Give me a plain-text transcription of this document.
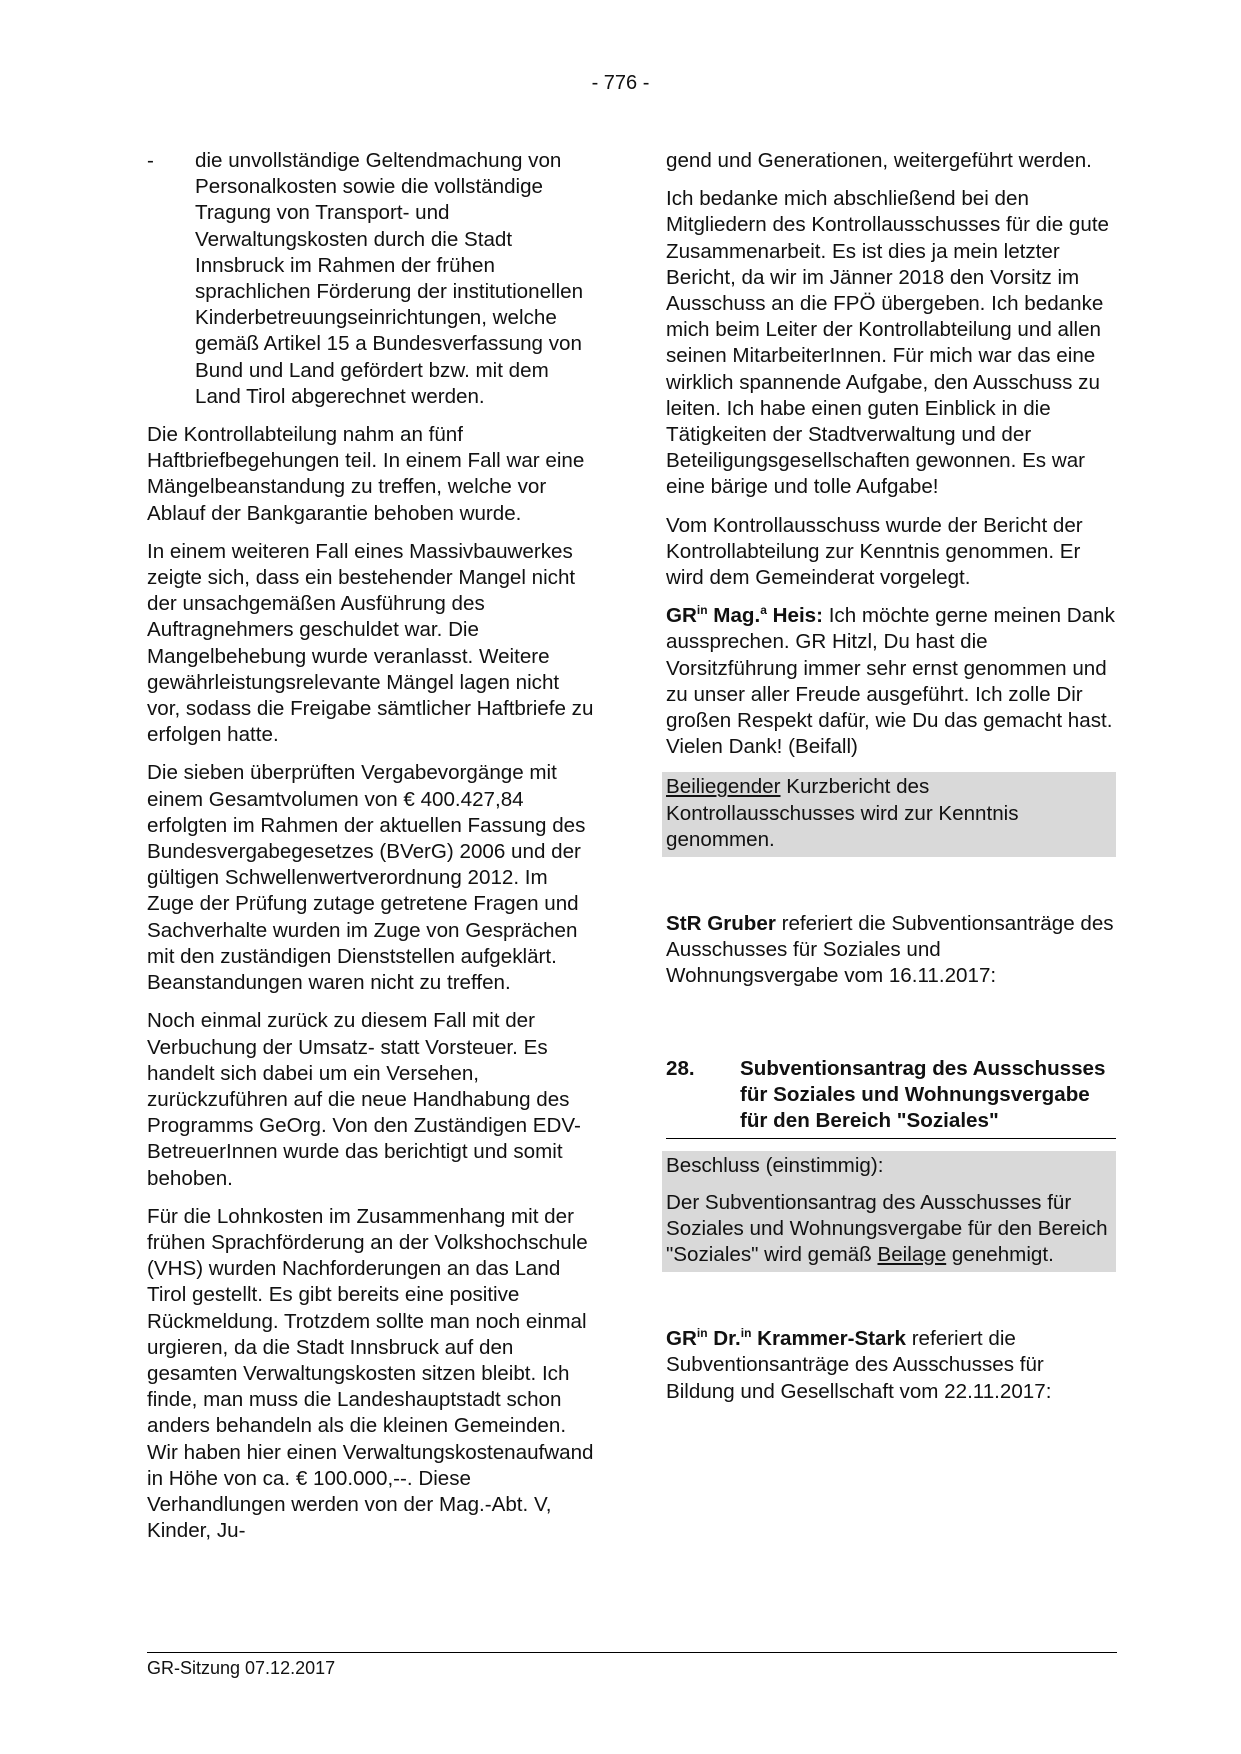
- 776 -
-	die unvollständige Geltendmachung von Personalkosten sowie die vollständige Tragung von Transport- und Verwaltungskosten durch die Stadt Innsbruck im Rahmen der frühen sprachlichen Förderung der institutionellen Kinderbetreuungseinrichtungen, welche gemäß Artikel 15 a Bundesverfassung von Bund und Land gefördert bzw. mit dem Land Tirol abgerechnet werden.

Die Kontrollabteilung nahm an fünf Haftbriefbegehungen teil. In einem Fall war eine Mängelbeanstandung zu treffen, welche vor Ablauf der Bankgarantie behoben wurde.

In einem weiteren Fall eines Massivbauwerkes zeigte sich, dass ein bestehender Mangel nicht der unsachgemäßen Ausführung des Auftragnehmers geschuldet war. Die Mangelbehebung wurde veranlasst. Weitere gewährleistungsrelevante Mängel lagen nicht vor, sodass die Freigabe sämtlicher Haftbriefe zu erfolgen hatte.

Die sieben überprüften Vergabevorgänge mit einem Gesamtvolumen von € 400.427,84 erfolgten im Rahmen der aktuellen Fassung des Bundesvergabegesetzes (BVerG) 2006 und der gültigen Schwellenwertverordnung 2012. Im Zuge der Prüfung zutage getretene Fragen und Sachverhalte wurden im Zuge von Gesprächen mit den zuständigen Dienststellen aufgeklärt. Beanstandungen waren nicht zu treffen.

Noch einmal zurück zu diesem Fall mit der Verbuchung der Umsatz- statt Vorsteuer. Es handelt sich dabei um ein Versehen, zurückzuführen auf die neue Handhabung des Programms GeOrg. Von den Zuständigen EDV-BetreuerInnen wurde das berichtigt und somit behoben.

Für die Lohnkosten im Zusammenhang mit der frühen Sprachförderung an der Volkshochschule (VHS) wurden Nachforderungen an das Land Tirol gestellt. Es gibt bereits eine positive Rückmeldung. Trotzdem sollte man noch einmal urgieren, da die Stadt Innsbruck auf den gesamten Verwaltungskosten sitzen bleibt. Ich finde, man muss die Landeshauptstadt schon anders behandeln als die kleinen Gemeinden. Wir haben hier einen Verwaltungskostenaufwand in Höhe von ca. € 100.000,--. Diese Verhandlungen werden von der Mag.-Abt. V, Kinder, Ju-

gend und Generationen, weitergeführt werden.

Ich bedanke mich abschließend bei den Mitgliedern des Kontrollausschusses für die gute Zusammenarbeit. Es ist dies ja mein letzter Bericht, da wir im Jänner 2018 den Vorsitz im Ausschuss an die FPÖ übergeben. Ich bedanke mich beim Leiter der Kontrollabteilung und allen seinen MitarbeiterInnen. Für mich war das eine wirklich spannende Aufgabe, den Ausschuss zu leiten. Ich habe einen guten Einblick in die Tätigkeiten der Stadtverwaltung und der Beteiligungsgesellschaften gewonnen. Es war eine bärige und tolle Aufgabe!

Vom Kontrollausschuss wurde der Bericht der Kontrollabteilung zur Kenntnis genommen. Er wird dem Gemeinderat vorgelegt.

$GR^{in}$ Mag.$^a$ Heis: Ich möchte gerne meinen Dank aussprechen. GR Hitzl, Du hast die Vorsitzführung immer sehr ernst genommen und zu unser aller Freude ausgeführt. Ich zolle Dir großen Respekt dafür, wie Du das gemacht hast. Vielen Dank! (Beifall)

Beiliegender Kurzbericht des Kontrollausschusses wird zur Kenntnis genommen.

StR Gruber referiert die Subventionsanträge des Ausschusses für Soziales und Wohnungsvergabe vom 16.11.2017:

28.	Subventionsantrag des Ausschusses für Soziales und Wohnungsvergabe für den Bereich "Soziales"

Beschluss (einstimmig):

Der Subventionsantrag des Ausschusses für Soziales und Wohnungsvergabe für den Bereich "Soziales" wird gemäß Beilage genehmigt.

$GR^{in}$ Dr.$^{in}$ Krammer-Stark referiert die Subventionsanträge des Ausschusses für Bildung und Gesellschaft vom 22.11.2017:

GR-Sitzung 07.12.2017
